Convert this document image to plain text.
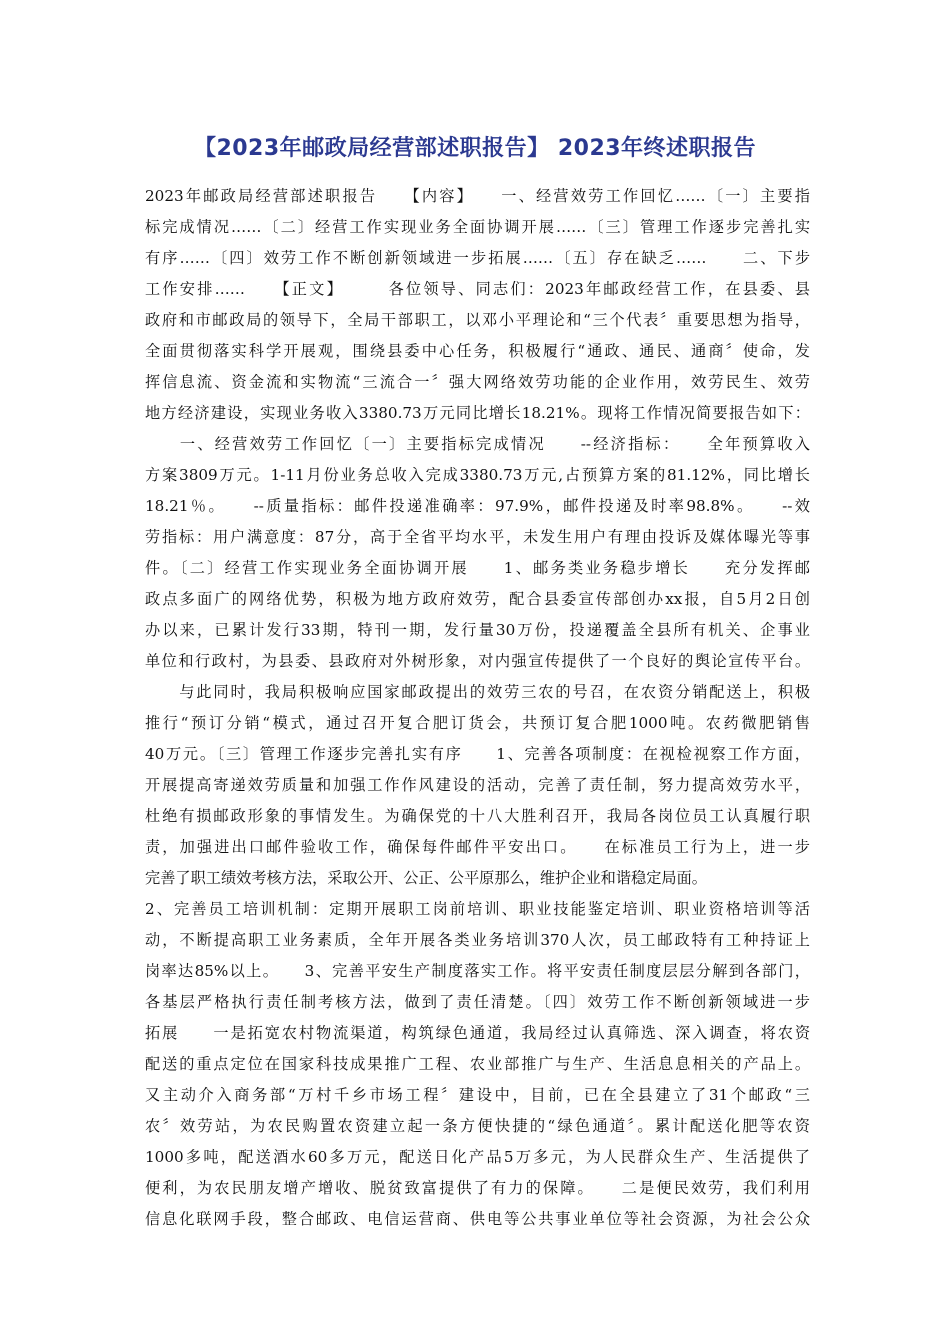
【2023年邮政局经营部述职报告】 2023年终述职报告
2023年邮政局经营部述职报告　　【内容】　　一、经营效劳工作回忆……〔一〕主要指
标完成情况……〔二〕经营工作实现业务全面协调开展……〔三〕管理工作逐步完善扎实
有序……〔四〕效劳工作不断创新领域进一步拓展……〔五〕存在缺乏……　　二、下步
工作安排……　　【正文】　　　各位领导、同志们：2023年邮政经营工作，在县委、县
政府和市邮政局的领导下，全局干部职工，以邓小平理论和“三个代表〞重要思想为指导，
全面贯彻落实科学开展观，围绕县委中心任务，积极履行“通政、通民、通商〞使命，发
挥信息流、资金流和实物流“三流合一〞强大网络效劳功能的企业作用，效劳民生、效劳
地方经济建设，实现业务收入3380.73万元同比增长18.21%。现将工作情况简要报告如下：
　　一、经营效劳工作回忆〔一〕主要指标完成情况　　--经济指标：　　全年预算收入
方案3809万元。1-11月份业务总收入完成3380.73万元,占预算方案的81.12%，同比增长
18.21％。　　--质量指标：邮件投递准确率：97.9%，邮件投递及时率98.8%。　　--效
劳指标：用户满意度：87分，高于全省平均水平，未发生用户有理由投诉及媒体曝光等事
件。〔二〕经营工作实现业务全面协调开展　　1、邮务类业务稳步增长　　充分发挥邮
政点多面广的网络优势，积极为地方政府效劳，配合县委宣传部创办xx报，自5月2日创
办以来，已累计发行33期，特刊一期，发行量30万份，投递覆盖全县所有机关、企事业
单位和行政村，为县委、县政府对外树形象，对内强宣传提供了一个良好的舆论宣传平台。
　　与此同时，我局积极响应国家邮政提出的效劳三农的号召，在农资分销配送上，积极
推行“预订分销“模式，通过召开复合肥订货会，共预订复合肥1000吨。农药微肥销售
40万元。〔三〕管理工作逐步完善扎实有序　　1、完善各项制度：在视检视察工作方面，
开展提高寄递效劳质量和加强工作作风建设的活动，完善了责任制，努力提高效劳水平，
杜绝有损邮政形象的事情发生。为确保党的十八大胜利召开，我局各岗位员工认真履行职
责，加强进出口邮件验收工作，确保每件邮件平安出口。　　在标准员工行为上，进一步
完善了职工绩效考核方法，采取公开、公正、公平原那么，维护企业和谐稳定局面。
2、完善员工培训机制：定期开展职工岗前培训、职业技能鉴定培训、职业资格培训等活
动，不断提高职工业务素质，全年开展各类业务培训370人次，员工邮政特有工种持证上
岗率达85%以上。　　3、完善平安生产制度落实工作。将平安责任制度层层分解到各部门，
各基层严格执行责任制考核方法，做到了责任清楚。〔四〕效劳工作不断创新领域进一步
拓展　　一是拓宽农村物流渠道，构筑绿色通道，我局经过认真筛选、深入调查，将农资
配送的重点定位在国家科技成果推广工程、农业部推广与生产、生活息息相关的产品上。
又主动介入商务部“万村千乡市场工程〞建设中，目前，已在全县建立了31个邮政“三
农〞效劳站，为农民购置农资建立起一条方便快捷的“绿色通道〞。累计配送化肥等农资
1000多吨，配送酒水60多万元，配送日化产品5万多元，为人民群众生产、生活提供了
便利，为农民朋友增产增收、脱贫致富提供了有力的保障。　　二是便民效劳，我们利用
信息化联网手段，整合邮政、电信运营商、供电等公共事业单位等社会资源，为社会公众
